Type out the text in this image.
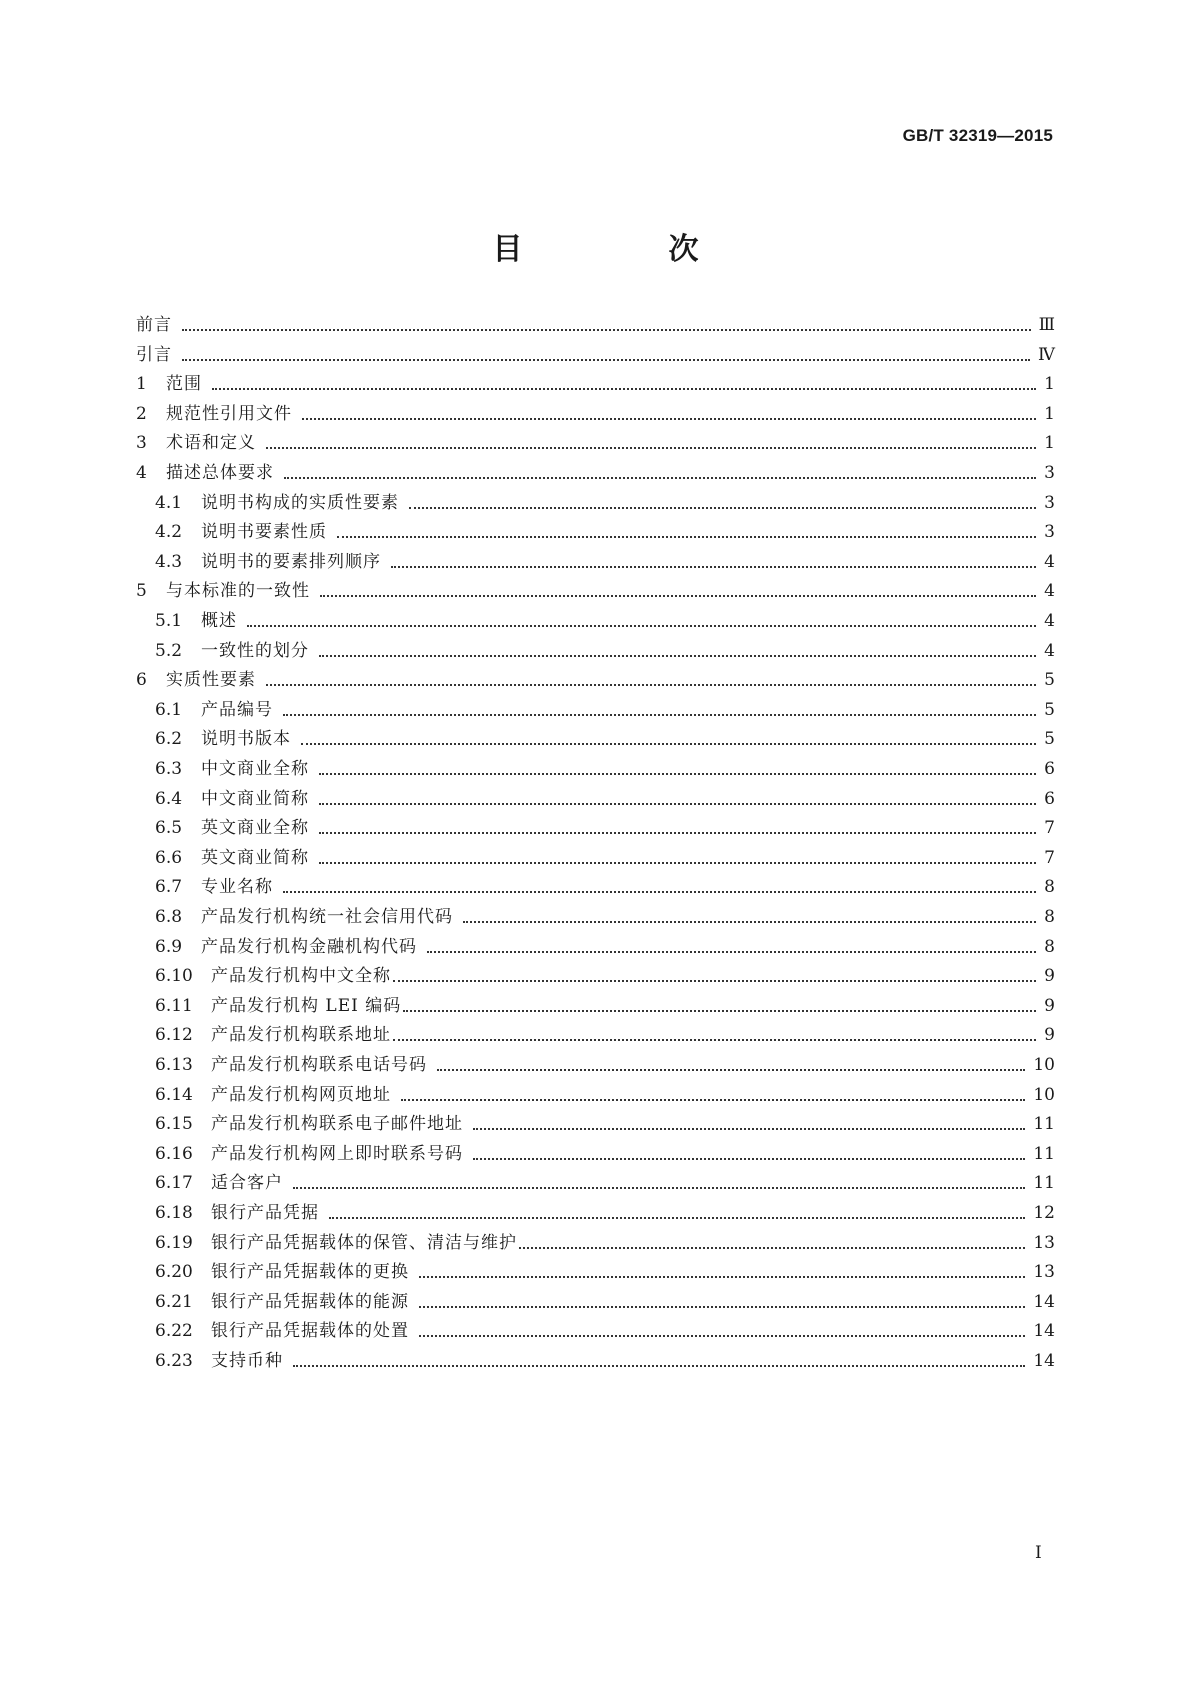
GB/T 32319—2015
目　次
前言	Ⅲ
引言	Ⅳ
1	范围	1
2	规范性引用文件	1
3	术语和定义	1
4	描述总体要求	3
4.1	说明书构成的实质性要素	3
4.2	说明书要素性质	3
4.3	说明书的要素排列顺序	4
5	与本标准的一致性	4
5.1	概述	4
5.2	一致性的划分	4
6	实质性要素	5
6.1	产品编号	5
6.2	说明书版本	5
6.3	中文商业全称	6
6.4	中文商业简称	6
6.5	英文商业全称	7
6.6	英文商业简称	7
6.7	专业名称	8
6.8	产品发行机构统一社会信用代码	8
6.9	产品发行机构金融机构代码	8
6.10	产品发行机构中文全称	9
6.11	产品发行机构 LEI 编码	9
6.12	产品发行机构联系地址	9
6.13	产品发行机构联系电话号码	10
6.14	产品发行机构网页地址	10
6.15	产品发行机构联系电子邮件地址	11
6.16	产品发行机构网上即时联系号码	11
6.17	适合客户	11
6.18	银行产品凭据	12
6.19	银行产品凭据载体的保管、清洁与维护	13
6.20	银行产品凭据载体的更换	13
6.21	银行产品凭据载体的能源	14
6.22	银行产品凭据载体的处置	14
6.23	支持币种	14
I
